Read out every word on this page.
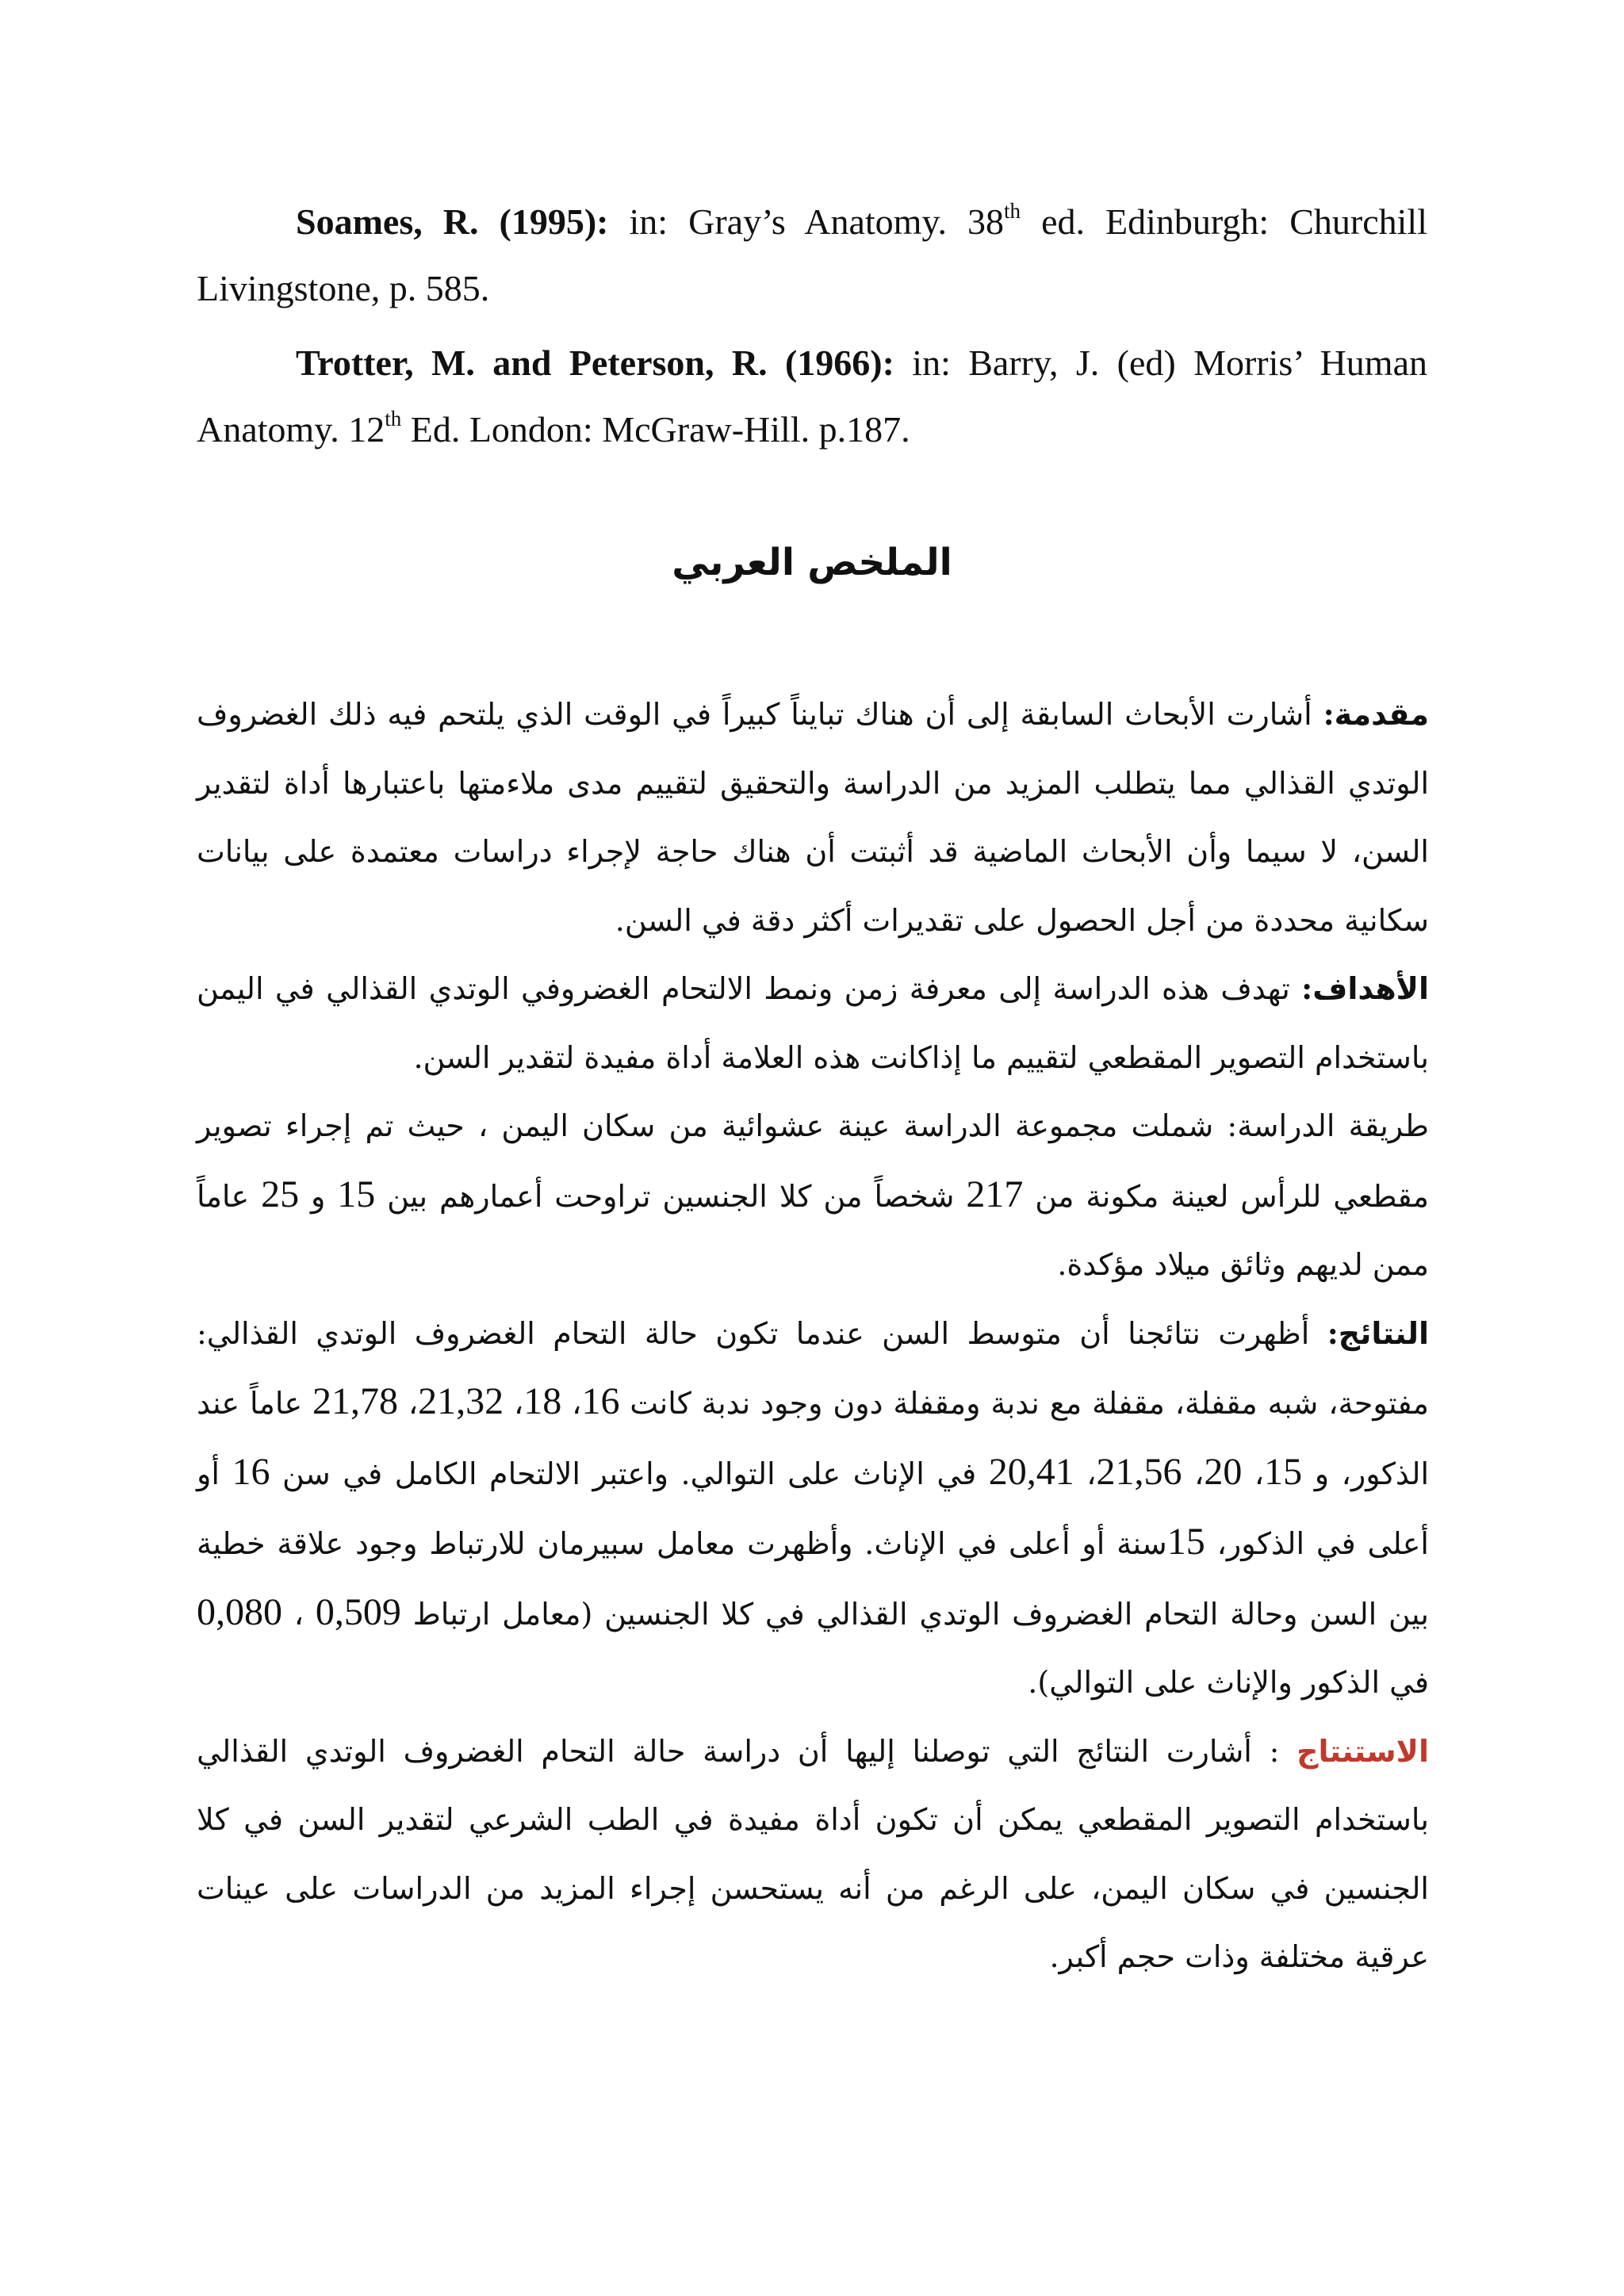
Soames, R. (1995): in: Gray’s Anatomy. 38th ed. Edinburgh: Churchill Livingstone, p. 585.

Trotter, M. and Peterson, R. (1966): in: Barry, J. (ed) Morris’ Human Anatomy. 12th Ed. London: McGraw-Hill. p.187.

الملخص العربي

مقدمة: أشارت الأبحاث السابقة إلى أن هناك تبايناً كبيراً في الوقت الذي يلتحم فيه ذلك الغضروف الوتدي القذالي مما يتطلب المزيد من الدراسة والتحقيق لتقييم مدى ملاءمتها باعتبارها أداة لتقدير السن، لا سيما وأن الأبحاث الماضية قد أثبتت أن هناك حاجة لإجراء دراسات معتمدة على بيانات سكانية محددة من أجل الحصول على تقديرات أكثر دقة في السن.

الأهداف: تهدف هذه الدراسة إلى معرفة زمن ونمط الالتحام الغضروفي الوتدي القذالي في اليمن باستخدام التصوير المقطعي لتقييم ما إذاكانت هذه العلامة أداة مفيدة لتقدير السن.

طريقة الدراسة: شملت مجموعة الدراسة عينة عشوائية من سكان اليمن ، حيث تم إجراء تصوير مقطعي للرأس لعينة مكونة من 217 شخصاً من كلا الجنسين تراوحت أعمارهم بين 15 و 25 عاماً ممن لديهم وثائق ميلاد مؤكدة.

النتائج: أظهرت نتائجنا أن متوسط السن عندما تكون حالة التحام الغضروف الوتدي القذالي: مفتوحة، شبه مقفلة، مقفلة مع ندبة ومقفلة دون وجود ندبة كانت 16، 18، 21,32، 21,78 عاماً عند الذكور، و 15، 20، 21,56، 20,41 في الإناث على التوالي. واعتبر الالتحام الكامل في سن 16 أو أعلى في الذكور، 15سنة أو أعلى في الإناث. وأظهرت معامل سبيرمان للارتباط وجود علاقة خطية بين السن وحالة التحام الغضروف الوتدي القذالي في كلا الجنسين (معامل ارتباط 0,509 ، 0,080 في الذكور والإناث على التوالي).

الاستنتاج : أشارت النتائج التي توصلنا إليها أن دراسة حالة التحام الغضروف الوتدي القذالي باستخدام التصوير المقطعي يمكن أن تكون أداة مفيدة في الطب الشرعي لتقدير السن في كلا الجنسين في سكان اليمن، على الرغم من أنه يستحسن إجراء المزيد من الدراسات على عينات عرقية مختلفة وذات حجم أكبر.
